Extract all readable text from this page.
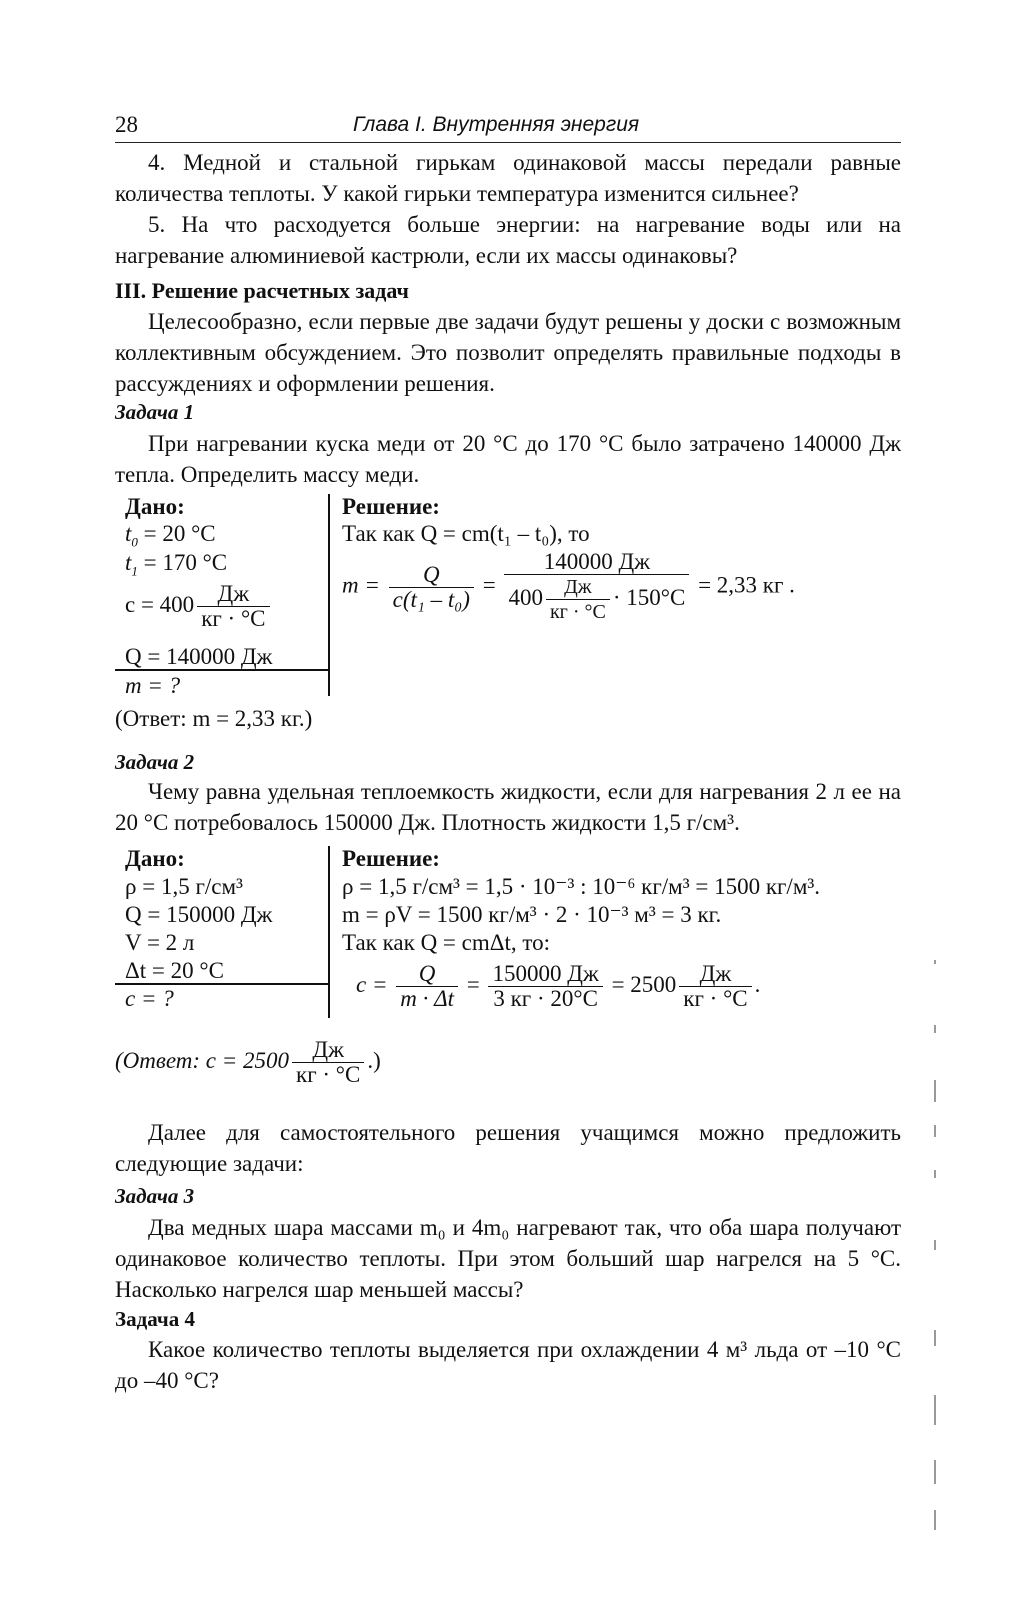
28	Глава I. Внутренняя энергия

4. Медной и стальной гирькам одинаковой массы передали равные количества теплоты. У какой гирьки температура изменится сильнее?

5. На что расходуется больше энергии: на нагревание воды или на нагревание алюминиевой кастрюли, если их массы одинаковы?

III. Решение расчетных задач

Целесообразно, если первые две задачи будут решены у доски с возможным коллективным обсуждением. Это позволит определять правильные подходы в рассуждениях и оформлении решения.

Задача 1

При нагревании куска меди от 20 °С до 170 °С было затрачено 140000 Дж тепла. Определить массу меди.

Дано:
$t_0 = 20$ °С
$t_1 = 170$ °С
$c = 400 \frac{Дж}{кг \cdot ^\circ С}$
Q = 140000 Дж
m = ?
Решение:
Так как Q = cm(t₁ – t₀), то
$m = \frac{Q}{\text{c(t₁ – t₀)}} = \frac{140000 Дж}{400 \frac{Дж}{кг \cdot ^\circ С} \cdot 150^\circ С} = 2,33$ кг .
(Ответ: m = 2,33 кг.)
Задача 2

Чему равна удельная теплоемкость жидкости, если для нагревания 2 л ее на 20 °С потребовалось 150000 Дж. Плотность жидкости 1,5 г/см³.

Дано:
ρ = 1,5 г/см³
Q = 150000 Дж
V = 2 л
Δt = 20 °С
c = ?
Решение:
ρ = 1,5 г/см³ = 1,5 · 10⁻³ : 10⁻⁶ кг/м³ = 1500 кг/м³.
m = ρV = 1500 кг/м³ · 2 · 10⁻³ м³ = 3 кг.
Так как Q = cmΔt, то:
$c = \frac{Q}{m \cdot \Delta t} = \frac{150000 Дж}{3 кг \cdot 20^\circ С} = 2500 \frac{Дж}{кг \cdot ^\circ С}$ .
(Ответ: $c = 2500 \frac{Дж}{кг \cdot ^\circ С}$ .)

Далее для самостоятельного решения учащимся можно предложить следующие задачи:

Задача 3

Два медных шара массами m₀ и 4m₀ нагревают так, что оба шара получают одинаковое количество теплоты. При этом больший шар нагрелся на 5 °С. Насколько нагрелся шар меньшей массы?

Задача 4

Какое количество теплоты выделяется при охлаждении 4 м³ льда от –10 °С до –40 °С?
